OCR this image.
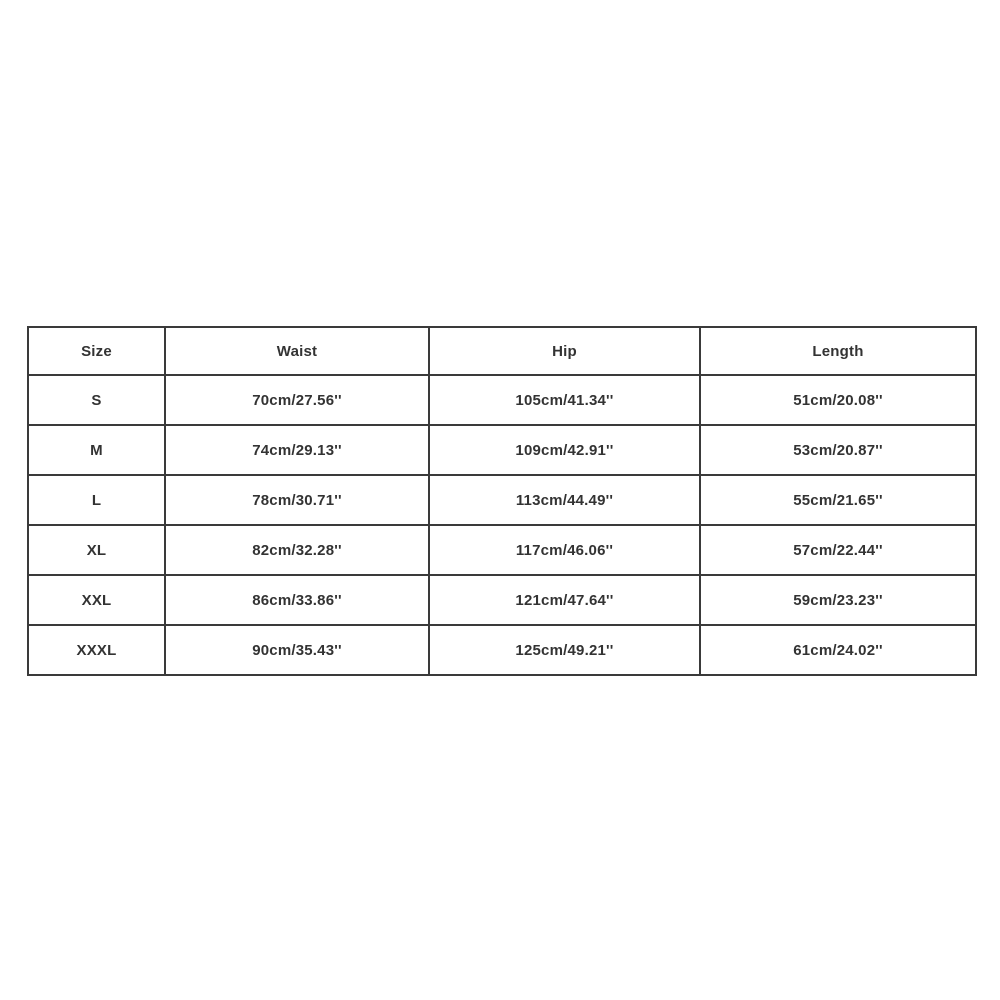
Size	Waist	Hip	Length
S	70cm/27.56''	105cm/41.34''	51cm/20.08''
M	74cm/29.13''	109cm/42.91''	53cm/20.87''
L	78cm/30.71''	113cm/44.49''	55cm/21.65''
XL	82cm/32.28''	117cm/46.06''	57cm/22.44''
XXL	86cm/33.86''	121cm/47.64''	59cm/23.23''
XXXL	90cm/35.43''	125cm/49.21''	61cm/24.02''
